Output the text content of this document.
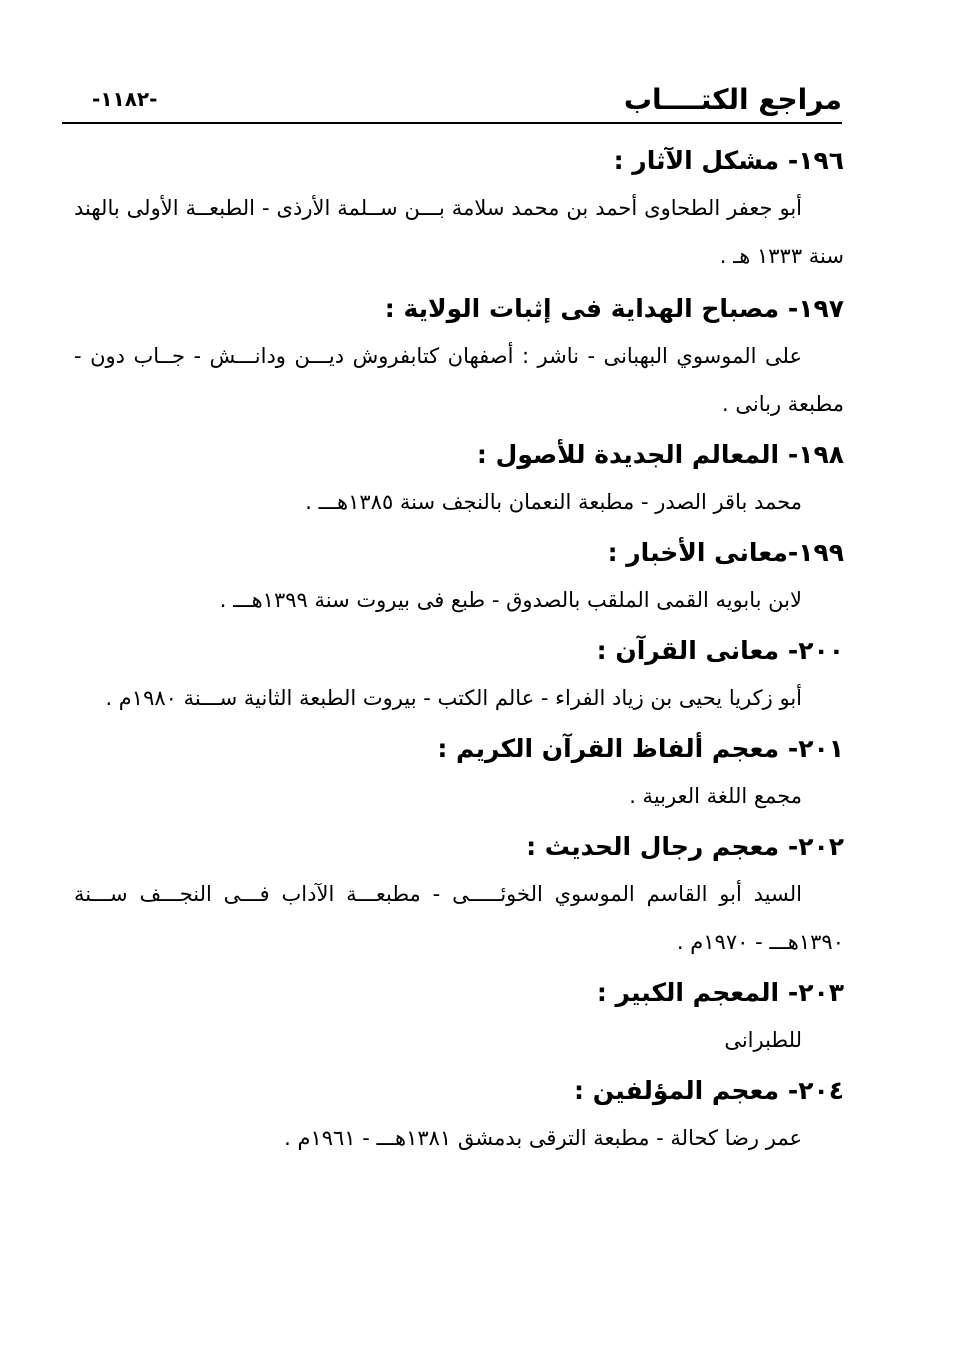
مراجع الكتــــاب
-١١٨٢-

١٩٦- مشكل الآثار :

أبو جعفر الطحاوى أحمد بن محمد سلامة بـــن ســلمة الأرذى - الطبعــة الأولى بالهند سنة ١٣٣٣ هـ .

١٩٧- مصباح الهداية فى إثبات الولاية :

على الموسوي البهبانى - ناشر : أصفهان كتابفروش ديـــن ودانـــش - جــاب دون - مطبعة ربانى .

١٩٨- المعالم الجديدة للأصول :

محمد باقر الصدر - مطبعة النعمان بالنجف سنة ١٣٨٥هـــ .

١٩٩-معانى الأخبار :

لابن بابويه القمى الملقب بالصدوق - طبع فى بيروت سنة ١٣٩٩هـــ .

٢٠٠- معانى القرآن :

أبو زكريا يحيى بن زياد الفراء - عالم الكتب - بيروت الطبعة الثانية ســـنة ١٩٨٠م .

٢٠١- معجم ألفاظ القرآن الكريم :

مجمع اللغة العربية .

٢٠٢- معجم رجال الحديث :

السيد أبو القاسم الموسوي الخوئـــــى - مطبعـــة الآداب فـــى النجـــف ســـنة ١٣٩٠هـــ - ١٩٧٠م .

٢٠٣- المعجم الكبير :

للطبرانى

٢٠٤- معجم المؤلفين :

عمر رضا كحالة - مطبعة الترقى بدمشق ١٣٨١هـــ - ١٩٦١م .
